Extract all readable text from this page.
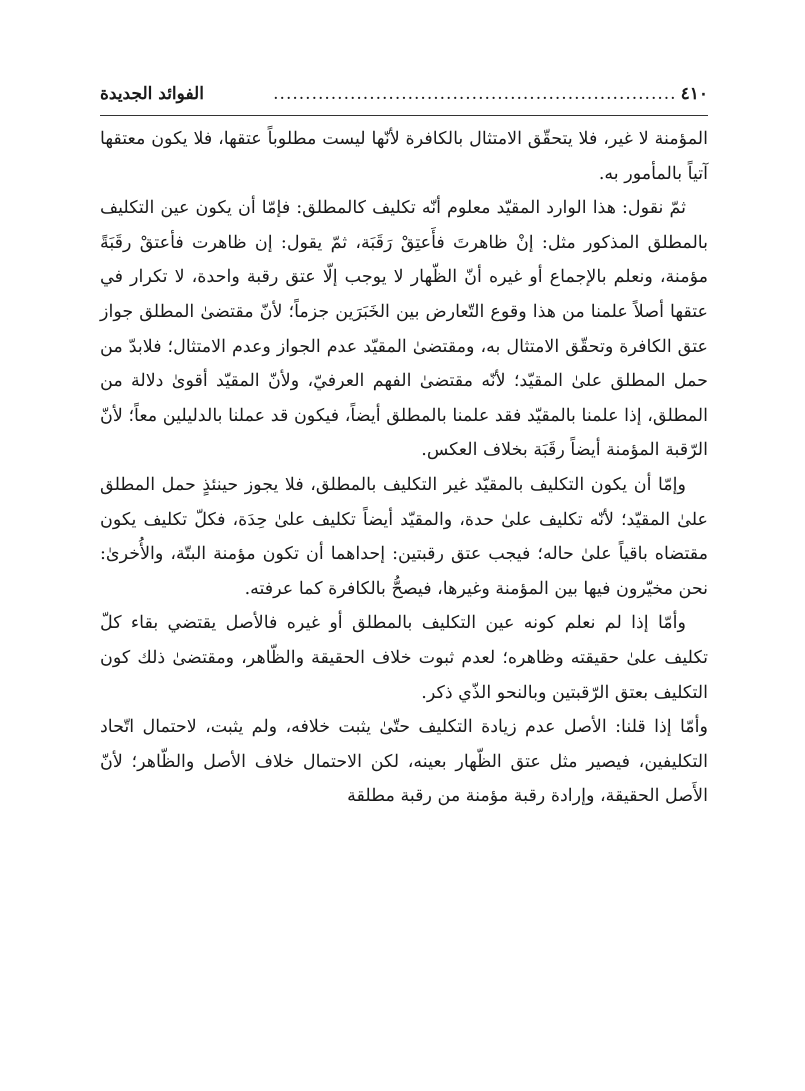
٤١٠
...............................................................
الفوائد الجديدة

المؤمنة لا غير، فلا يتحقّق الامتثال بالكافرة لأنّها ليست مطلوباً عتقها، فلا يكون معتقها آتياً بالمأمور به.

ثمّ نقول: هذا الوارد المقيّد معلوم أنّه تكليف كالمطلق: فإمّا أن يكون عين التكليف بالمطلق المذكور مثل: إنْ ظاهرتَ فأَعتِقْ رَقَبَة، ثمّ يقول: إن ظاهرت فأعتقْ رقَبَةً مؤمنة، ونعلم بالإجماع أو غيره أنّ الظّهار لا يوجب إلّا عتق رقبة واحدة، لا تكرار في عتقها أصلاً علمنا من هذا وقوع التّعارض بين الخَبَرَين جزماً؛ لأنّ مقتضىٰ المطلق جواز عتق الكافرة وتحقّق الامتثال به، ومقتضىٰ المقيّد عدم الجواز وعدم الامتثال؛ فلابدّ من حمل المطلق علىٰ المقيّد؛ لأنّه مقتضىٰ الفهم العرفيّ، ولأنّ المقيّد أقوىٰ دلالة من المطلق، إذا علمنا بالمقيّد فقد علمنا بالمطلق أيضاً، فيكون قد عملنا بالدليلين معاً؛ لأنّ الرّقبة المؤمنة أيضاً رقَبَة بخلاف العكس.

وإمّا أن يكون التكليف بالمقيّد غير التكليف بالمطلق، فلا يجوز حينئذٍ حمل المطلق علىٰ المقيّد؛ لأنّه تكليف علىٰ حدة، والمقيّد أيضاً تكليف علىٰ حِدَة، فكلّ تكليف يكون مقتضاه باقياً علىٰ حاله؛ فيجب عتق رقبتين: إحداهما أن تكون مؤمنة البتّة، والأُخرىٰ: نحن مخيّرون فيها بين المؤمنة وغيرها، فيصحُّ بالكافرة كما عرفته.

وأمّا إذا لم نعلم كونه عين التكليف بالمطلق أو غيره فالأصل يقتضي بقاء كلّ تكليف علىٰ حقيقته وظاهره؛ لعدم ثبوت خلاف الحقيقة والظّاهر، ومقتضىٰ ذلك كون التكليف بعتق الرّقبتين وبالنحو الذّي ذكر.

وأمّا إذا قلنا: الأصل عدم زيادة التكليف حتّىٰ يثبت خلافه، ولم يثبت، لاحتمال اتّحاد التكليفين، فيصير مثل عتق الظّهار بعينه، لكن الاحتمال خلاف الأصل والظّاهر؛ لأنّ الأَصل الحقيقة، وإرادة رقبة مؤمنة من رقبة مطلقة
